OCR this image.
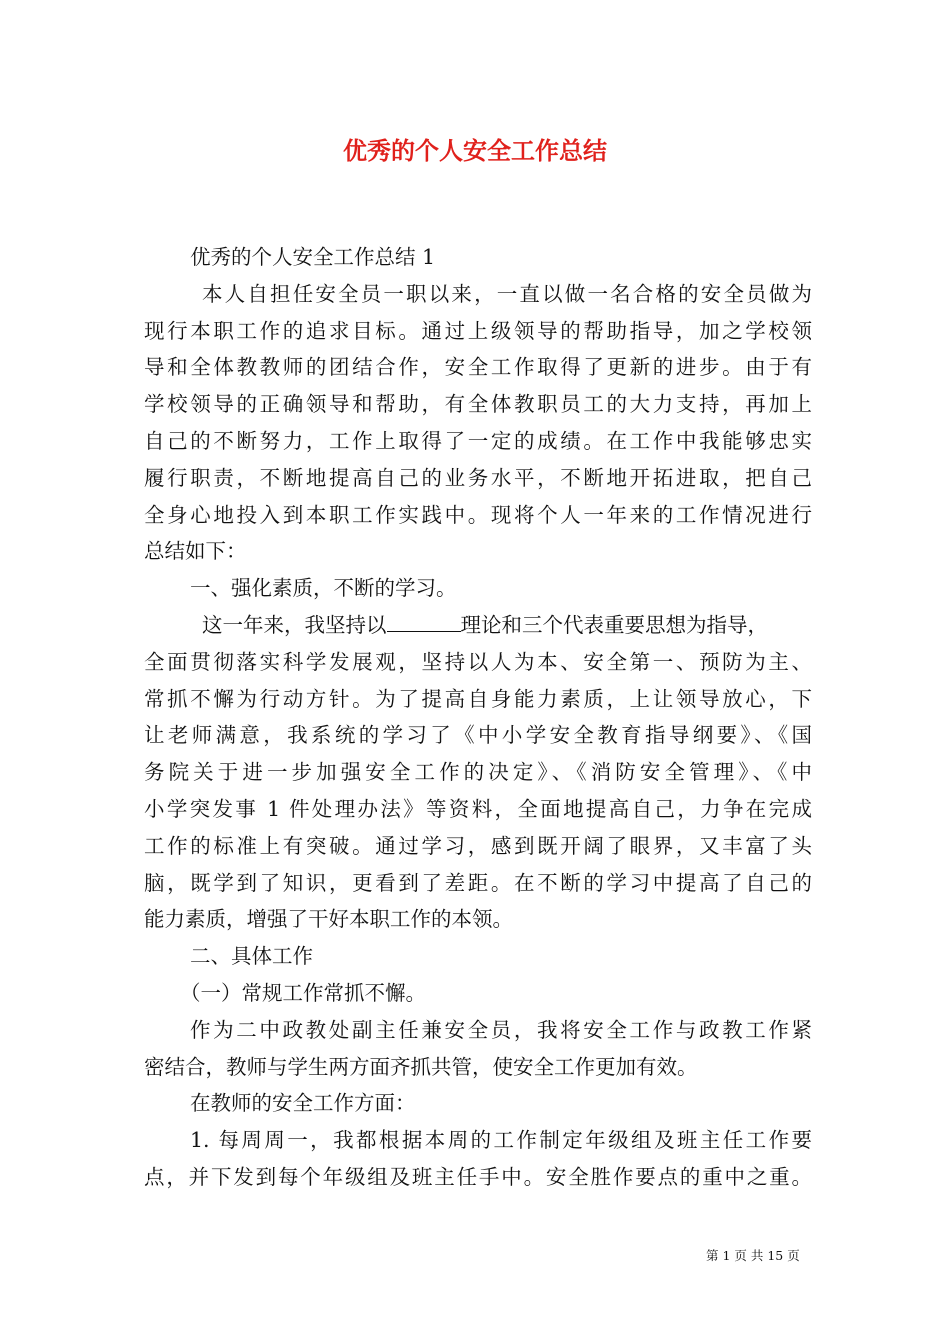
优秀的个人安全工作总结
优秀的个人安全工作总结 1
本人自担任安全员一职以来，一直以做一名合格的安全员做为
现行本职工作的追求目标。通过上级领导的帮助指导，加之学校领
导和全体教教师的团结合作，安全工作取得了更新的进步。由于有
学校领导的正确领导和帮助，有全体教职员工的大力支持，再加上
自己的不断努力，工作上取得了一定的成绩。在工作中我能够忠实
履行职责，不断地提高自己的业务水平，不断地开拓进取，把自己
全身心地投入到本职工作实践中。现将个人一年来的工作情况进行
总结如下：
一、强化素质，不断的学习。
这一年来，我坚持以	理论和三个代表重要思想为指导，
全面贯彻落实科学发展观，坚持以人为本、安全第一、预防为主、
常抓不懈为行动方针。为了提高自身能力素质，上让领导放心，下
让老师满意，我系统的学习了《中小学安全教育指导纲要》、《国
务院关于进一步加强安全工作的决定》、《消防安全管理》、《中
小学突发事 1 件处理办法》等资料，全面地提高自己，力争在完成
工作的标准上有突破。通过学习，感到既开阔了眼界，又丰富了头
脑，既学到了知识，更看到了差距。在不断的学习中提高了自己的
能力素质，增强了干好本职工作的本领。
二、具体工作
（一）常规工作常抓不懈。
作为二中政教处副主任兼安全员，我将安全工作与政教工作紧
密结合，教师与学生两方面齐抓共管，使安全工作更加有效。
在教师的安全工作方面：
1. 每周周一，我都根据本周的工作制定年级组及班主任工作要
点，并下发到每个年级组及班主任手中。安全胜作要点的重中之重。
第 1 页 共 15 页
